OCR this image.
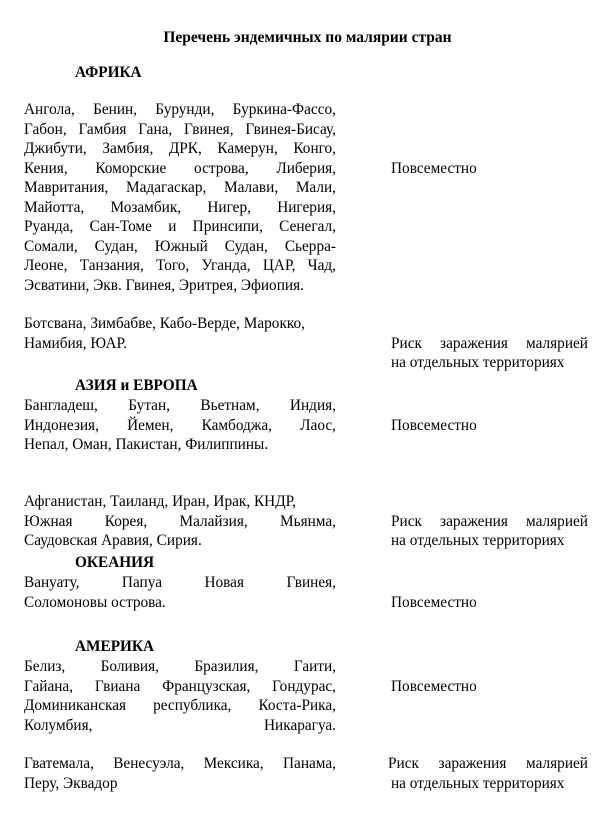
Перечень эндемичных по малярии стран
АФРИКА
Ангола, Бенин, Бурунди, Буркина-Фассо,
Габон, Гамбия Гана, Гвинея, Гвинея-Бисау,
Джибути, Замбия, ДРК, Камерун, Конго,
Кения, Коморские острова, Либерия,
Мавритания, Мадагаскар, Малави, Мали,
Майотта, Мозамбик, Нигер, Нигерия,
Руанда, Сан-Томе и Принсипи, Сенегал,
Сомали, Судан, Южный Судан, Сьерра-
Леоне, Танзания, Того, Уганда, ЦАР, Чад,
Эсватини, Экв. Гвинея, Эритрея, Эфиопия.
Повсеместно
Ботсвана, Зимбабве, Кабо-Верде, Марокко,
Намибия, ЮАР.	Риск заражения малярией
на отдельных территориях
АЗИЯ и ЕВРОПА
Бангладеш, Бутан, Вьетнам, Индия,
Индонезия, Йемен, Камбоджа, Лаос,
Непал, Оман, Пакистан, Филиппины.
Повсеместно
Афганистан, Таиланд, Иран, Ирак, КНДР,
Южная Корея, Малайзия, Мьянма,
Саудовская Аравия, Сирия.
Риск заражения малярией
на отдельных территориях
ОКЕАНИЯ
Вануату, Папуа Новая Гвинея,
Соломоновы острова.	Повсеместно
АМЕРИКА
Белиз, Боливия, Бразилия, Гаити,
Гайана, Гвиана Французская, Гондурас,
Доминиканская республика, Коста-Рика,
Колумбия, Никарагуа.
Повсеместно
Гватемала, Венесуэла, Мексика, Панама,
Перу, Эквадор
Риск заражения малярией
на отдельных территориях
